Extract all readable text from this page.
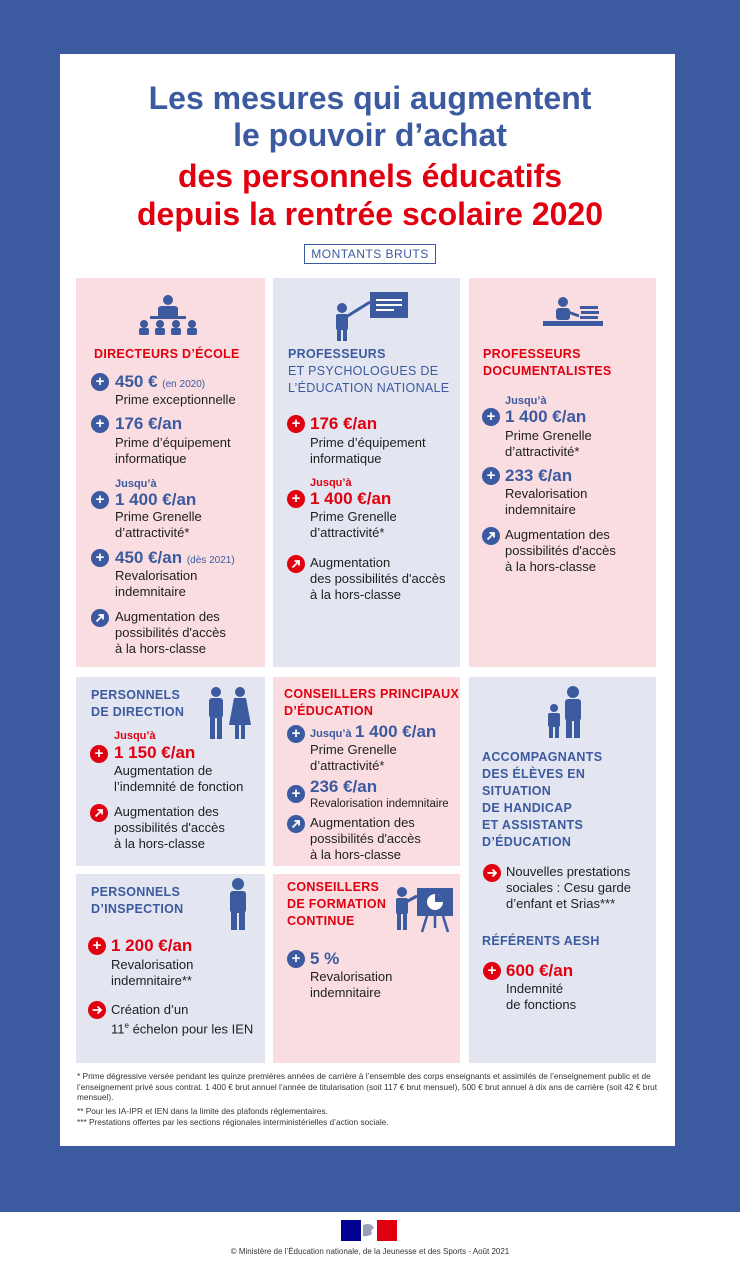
Les mesures qui augmentent
le pouvoir d’achat
des personnels éducatifs
depuis la rentrée scolaire 2020
MONTANTS BRUTS
DIRECTEURS D’ÉCOLE
+ 450 € (en 2020)
Prime exceptionnelle
+ 176 €/an
Prime d’équipement
informatique
Jusqu’à
+ 1 400 €/an
Prime Grenelle
d’attractivité*
+ 450 €/an (dès 2021)
Revalorisation
indemnitaire
Augmentation des
possibilités d'accès
à la hors-classe
PROFESSEURS
ET PSYCHOLOGUES DE
L’ÉDUCATION NATIONALE
+ 176 €/an
Prime d’équipement
informatique
Jusqu’à
+ 1 400 €/an
Prime Grenelle
d’attractivité*
Augmentation
des possibilités d'accès
à la hors-classe
PROFESSEURS
DOCUMENTALISTES
Jusqu’à
+ 1 400 €/an
Prime Grenelle
d’attractivité*
+ 233 €/an
Revalorisation
indemnitaire
Augmentation des
possibilités d'accès
à la hors-classe
PERSONNELS
DE DIRECTION
Jusqu’à
+ 1 150 €/an
Augmentation de
l’indemnité de fonction
Augmentation des
possibilités d'accès
à la hors-classe
CONSEILLERS PRINCIPAUX
D’ÉDUCATION
+ Jusqu’à 1 400 €/an
Prime Grenelle
d’attractivité*
+ 236 €/an
Revalorisation indemnitaire
Augmentation des
possibilités d'accès
à la hors-classe
ACCOMPAGNANTS
DES ÉLÈVES EN
SITUATION
DE HANDICAP
ET ASSISTANTS
D’ÉDUCATION
Nouvelles prestations
sociales : Cesu garde
d’enfant et Srias***
RÉFÉRENTS AESH
+ 600 €/an
Indemnité
de fonctions
PERSONNELS
D’INSPECTION
+ 1 200 €/an
Revalorisation
indemnitaire**
Création d’un
11e échelon pour les IEN
CONSEILLERS
DE FORMATION
CONTINUE
+ 5 %
Revalorisation
indemnitaire
* Prime dégressive versée pendant les quinze premières années de carrière à l’ensemble des corps enseignants et assimilés de l’enseignement public et de l’enseignement privé sous contrat. 1 400 € brut annuel l’année de titularisation (soit 117 € brut mensuel), 500 € brut annuel à dix ans de carrière (soit 42 € brut mensuel).
** Pour les IA-IPR et IEN dans la limite des plafonds réglementaires.
*** Prestations offertes par les sections régionales interministérielles d’action sociale.
© Ministère de l’Éducation nationale, de la Jeunesse et des Sports - Août 2021
